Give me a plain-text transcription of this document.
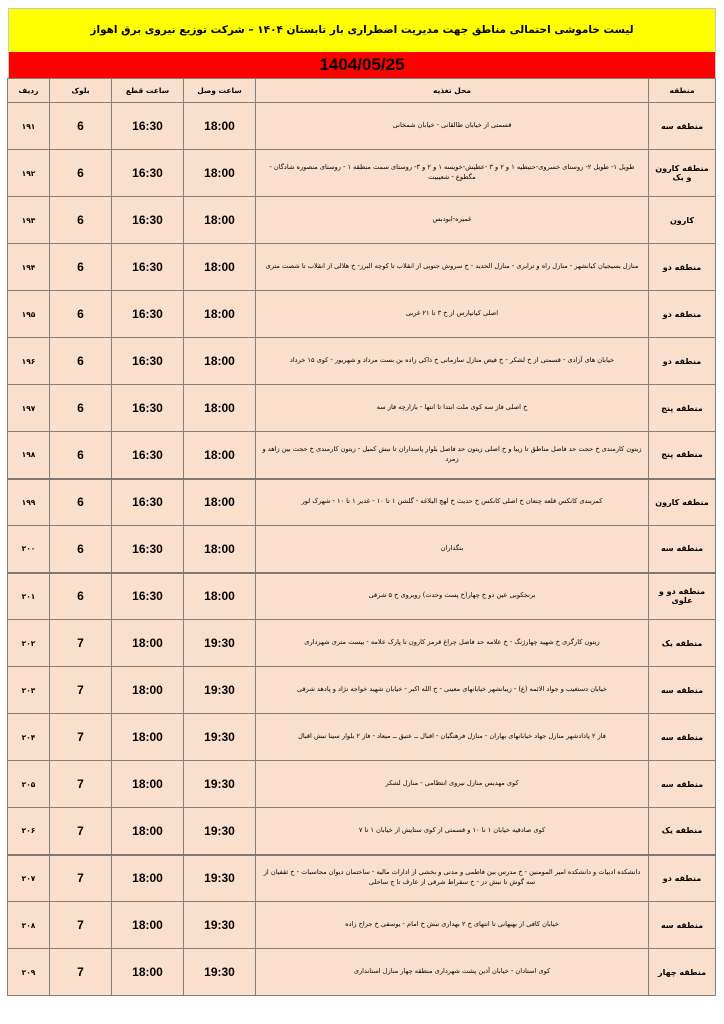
لیست خاموشی احتمالی مناطق جهت مدیریت اضطراری بار تابستان ۱۴۰۴ – شرکت توزیع نیروی برق اهواز
1404/05/25
منطقه	محل تغذیه	ساعت وصل	ساعت قطع	بلوک	ردیف
منطقه سه	قسمتی از خیابان طالقانی - خیابان شمخانی	18:00	16:30	6	۱۹۱
منطقه کارون و یک	طویل ۱- طویل ۲- روستای خسروی-حنیطیه ۱ و ۲ و ۳ -عطیش-خویسه ۱ و ۲ و ۳- روستای سمت منطقه ۱ - روستای منصوره شادگان - مگطوع - شعیبیت	18:00	16:30	6	۱۹۲
کارون	غمیره-ابودبس	18:00	16:30	6	۱۹۳
منطقه دو	منازل بسیجیان کیانشهر - منازل راه و ترابری - منازل الحدید - خ سروش جنوبی از انقلاب تا کوچه البرز- خ هلالی از انقلاب تا شصت متری	18:00	16:30	6	۱۹۴
منطقه دو	اصلی کیانپارس از خ ۳ تا ۲۱ غربی	18:00	16:30	6	۱۹۵
منطقه دو	خیابان های آزادی - قسمتی از خ لشکر - خ فیض منازل سازمانی خ ذاکی زاده بن بست مرداد و شهریور - کوی ۱۵ خرداد	18:00	16:30	6	۱۹۶
منطقه پنج	خ اصلی فاز سه کوی ملت ابتدا تا انتها - بازارچه فاز سه	18:00	16:30	6	۱۹۷
منطقه پنج	زیتون کارمندی خ حجت حد فاصل مناطق تا زیبا و خ اصلی زیتون حد فاصل بلوار پاسداران تا نبش کمیل - زیتون کارمندی خ حجت بین زاهد و زمرد	18:00	16:30	6	۱۹۸
منطقه کارون	کمربندی کانکس قلعه چنعان خ اصلی کانکس خ حدیث خ لهج البلاغه - گلشن ۱ تا ۱۰ - غدیر ۱ تا ۱۰ - شهرک لور	18:00	16:30	6	۱۹۹
منطقه سه	بنگداران	18:00	16:30	6	۲۰۰
منطقه دو و علوی	برنجکوبی عین دو خ چهار(خ پست وحدت) روبروی خ ۵ شرقی	18:00	16:30	6	۲۰۱
منطقه یک	زیتون کارگری خ شهید چهارژنگ - خ علامه حد فاصل چراغ قرمز کارون تا پارک علامه - بیست متری شهرداری	19:30	18:00	7	۲۰۲
منطقه سه	خیابان دستغیب و جواد الائمه (ع) - زیبانشهر خیابانهای معینی - خ الله اکبر - خیابان شهید خواجه نژاد و پادهد شرقی	19:30	18:00	7	۲۰۳
منطقه سه	فاز ۲ پادادشهر منازل جهاد خیابانهای بهاران - منازل فرهنگیان - اقبال ــ عتیق ــ میعاد - فاز ۲ بلوار سینا نبش اقبال	19:30	18:00	7	۲۰۴
منطقه سه	کوی مهدیس منازل نیروی انتظامی - منازل لشکر	19:30	18:00	7	۲۰۵
منطقه یک	کوی صادقیه خیابان ۱ تا ۱۰ و قسمتی از کوی ستایش از خیابان ۱ تا ۷	19:30	18:00	7	۲۰۶
منطقه دو	دانشکده ادبیات و دانشکده امیر المومنین - خ مدرس بین فاطمی و مدنی و بخشی از ادارات مالیه - ساختمان دیوان محاسبات - خ ثقفیان از سه گوش تا نبش دز - خ سقراط شرقی از عارف تا ج ساحلی	19:30	18:00	7	۲۰۷
منطقه سه	خیابان کافی از بهبهانی تا انتهای خ ۲ بهداری نبش خ امام - یوسفی خ جراح زاده	19:30	18:00	7	۲۰۸
منطقه چهار	کوی استادان - خیابان آذین پشت شهرداری منطقه چهار منازل استانداری	19:30	18:00	7	۲۰۹
